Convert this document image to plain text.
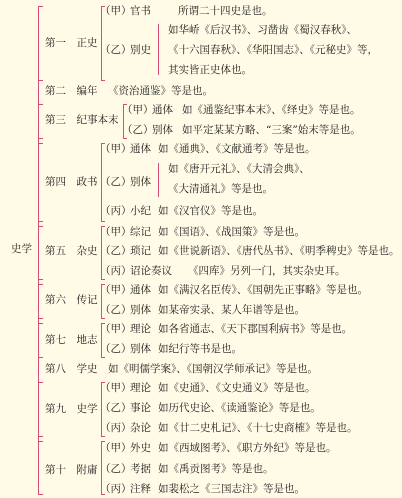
史学
第一　正史
（甲）
官书	所谓二十四史是也。
如华峤《后汉书》、习凿齿《蜀汉春秋》、
（乙）
别史 《十六国春秋》、《华阳国志》、《元秘史》等，
其实皆正史体也。
第二　编年 《资治通鉴》等是也。
第三　纪事本末
（甲）
通体 如《通鉴纪事本末》、《绎史》等是也。
（乙）
别体 如平定某某方略、“三案”始末等是也。
第四　政书
（甲）
通体 如《通典》、《文献通考》等是也。
如《唐开元礼》、《大清会典》、
（乙）
别体
《大清通礼》等是也。
（丙）
小纪 如《汉官仪》等是也。
第五　杂史
（甲）
综记 如《国语》、《战国策》等是也。
（乙）
琐记 如《世说新语》、《唐代丛书》、《明季稗史》等是也。
（丙）
诏论奏议 《四库》另列一门，其实杂史耳。
第六　传记
（甲）
通体 如《满汉名臣传》、《国朝先正事略》等是也。
（乙）
别体 如某帝实录、某人年谱等是也。
第七　地志
（甲）
理论 如各省通志、《天下郡国利病书》等是也。
（乙）
别体 如纪行等书是也。
第八　学史 如《明儒学案》、《国朝汉学师承记》等是也。
第九　史学
（甲）
理论 如《史通》、《文史通义》等是也。
（乙）
事论 如历代史论、《读通鉴论》等是也。
（丙）
杂论 如《廿二史札记》、《十七史商榷》等是也。
第十　附庸
（甲）
外史 如《西域图考》、《职方外纪》等是也。
（乙）
考据 如《禹贡图考》等是也。
（丙）
注释 如裴松之《三国志注》等是也。
